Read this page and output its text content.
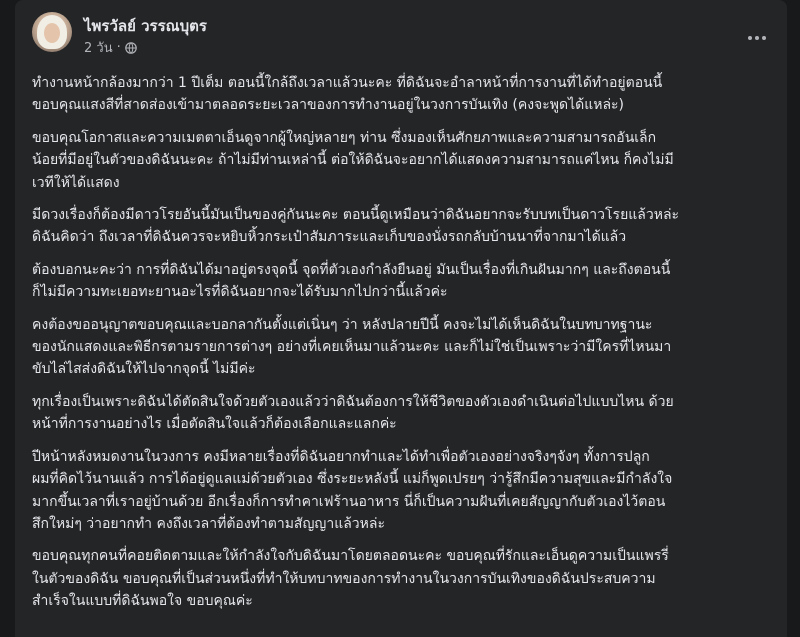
ไพรวัลย์ วรรณบุตร
2 วัน ·

ทำงานหน้ากล้องมากว่า 1 ปีเต็ม ตอนนี้ใกล้ถึงเวลาแล้วนะคะ ที่ดิฉันจะอำลาหน้าที่การงานที่ได้ทำอยู่ตอนนี้
ขอบคุณแสงสีที่สาดส่องเข้ามาตลอดระยะเวลาของการทำงานอยู่ในวงการบันเทิง (คงจะพูดได้แหล่ะ)

ขอบคุณโอกาสและความเมตตาเอ็นดูจากผู้ใหญ่หลายๆ ท่าน ซึ่งมองเห็นศักยภาพและความสามารถอันเล็ก
น้อยที่มีอยู่ในตัวของดิฉันนะคะ ถ้าไม่มีท่านเหล่านี้ ต่อให้ดิฉันจะอยากได้แสดงความสามารถแค่ไหน ก็คงไม่มี
เวทีให้ได้แสดง

มีดวงเรื่องก็ต้องมีดาวโรยอันนี้มันเป็นของคู่กันนะคะ ตอนนี้ดูเหมือนว่าดิฉันอยากจะรับบทเป็นดาวโรยแล้วหล่ะ
ดิฉันคิดว่า ถึงเวลาที่ดิฉันควรจะหยิบหิ้วกระเป๋าสัมภาระและเก็บของนั่งรถกลับบ้านนาที่จากมาได้แล้ว

ต้องบอกนะคะว่า การที่ดิฉันได้มาอยู่ตรงจุดนี้ จุดที่ตัวเองกำลังยืนอยู่ มันเป็นเรื่องที่เกินฝันมากๆ และถึงตอนนี้
ก็ไม่มีความทะเยอทะยานอะไรที่ดิฉันอยากจะได้รับมากไปกว่านี้แล้วค่ะ

คงต้องขออนุญาตขอบคุณและบอกลากันตั้งแต่เนิ่นๆ ว่า หลังปลายปีนี้ คงจะไม่ได้เห็นดิฉันในบทบาทฐานะ
ของนักแสดงและพิธีกรตามรายการต่างๆ อย่างที่เคยเห็นมาแล้วนะคะ และก็ไม่ใช่เป็นเพราะว่ามีใครที่ไหนมา
ขับไล่ไสส่งดิฉันให้ไปจากจุดนี้ ไม่มีค่ะ

ทุกเรื่องเป็นเพราะดิฉันได้ตัดสินใจด้วยตัวเองแล้วว่าดิฉันต้องการให้ชีวิตของตัวเองดำเนินต่อไปแบบไหน ด้วย
หน้าที่การงานอย่างไร เมื่อตัดสินใจแล้วก็ต้องเลือกและแลกค่ะ

ปีหน้าหลังหมดงานในวงการ คงมีหลายเรื่องที่ดิฉันอยากทำและได้ทำเพื่อตัวเองอย่างจริงๆจังๆ ทั้งการปลูก
ผมที่คิดไว้นานแล้ว การได้อยู่ดูแลแม่ด้วยตัวเอง ซึ่งระยะหลังนี้ แม่ก็พูดเปรยๆ ว่ารู้สึกมีความสุขและมีกำลังใจ
มากขึ้นเวลาที่เราอยู่บ้านด้วย อีกเรื่องก็การทำคาเฟร้านอาหาร นี่ก็เป็นความฝันที่เคยสัญญากับตัวเองไว้ตอน
สึกใหม่ๆ ว่าอยากทำ คงถึงเวลาที่ต้องทำตามสัญญาแล้วหล่ะ

ขอบคุณทุกคนที่คอยติดตามและให้กำลังใจกับดิฉันมาโดยตลอดนะคะ ขอบคุณที่รักและเอ็นดูความเป็นแพรรี่
ในตัวของดิฉัน ขอบคุณที่เป็นส่วนหนึ่งที่ทำให้บทบาทของการทำงานในวงการบันเทิงของดิฉันประสบความ
สำเร็จในแบบที่ดิฉันพอใจ ขอบคุณค่ะ
